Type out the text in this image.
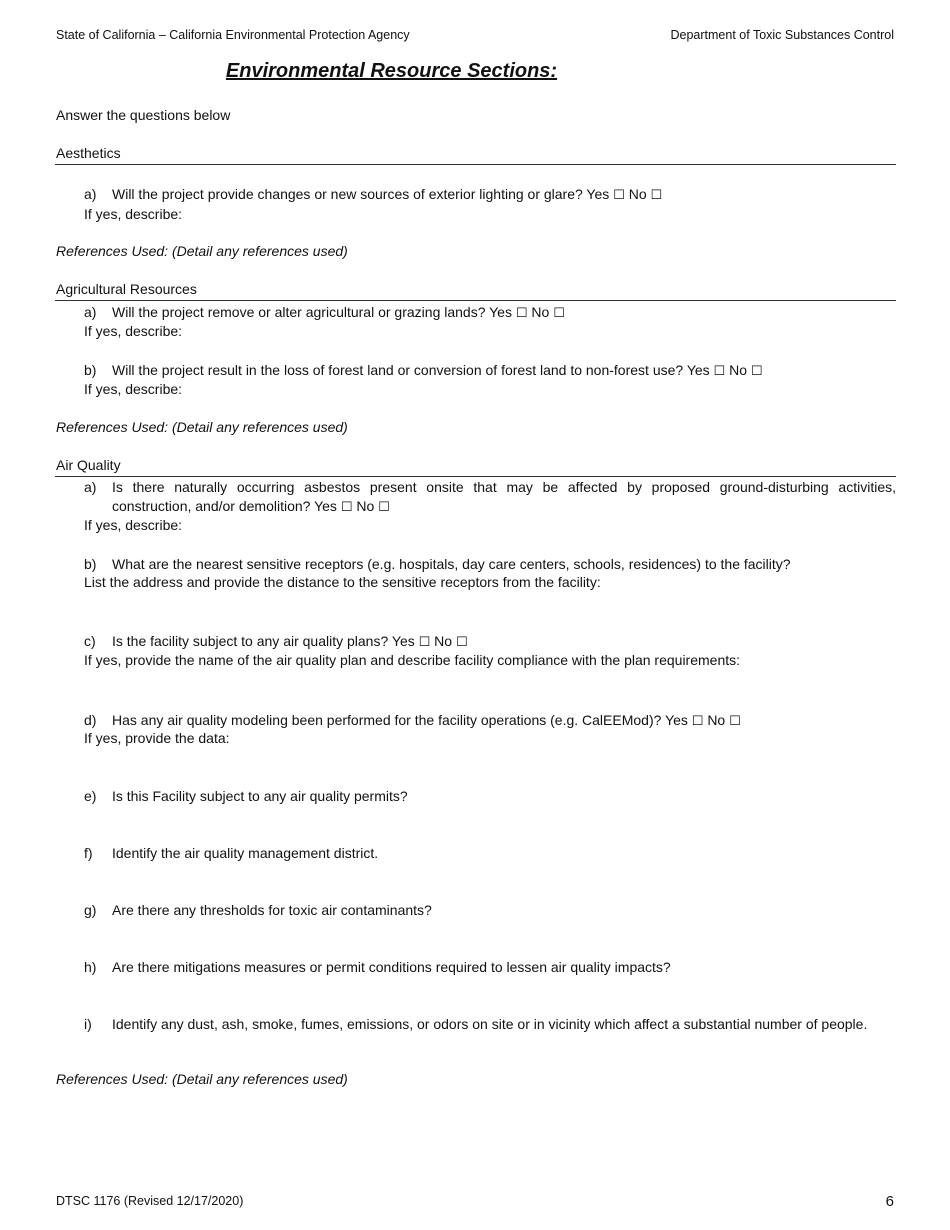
State of California – California Environmental Protection Agency	Department of Toxic Substances Control
Environmental Resource Sections:
Answer the questions below
Aesthetics
a) Will the project provide changes or new sources of exterior lighting or glare? Yes ☐ No ☐
If yes, describe:
References Used: (Detail any references used)
Agricultural Resources
a) Will the project remove or alter agricultural or grazing lands? Yes ☐ No ☐
If yes, describe:
b) Will the project result in the loss of forest land or conversion of forest land to non-forest use? Yes ☐ No ☐
If yes, describe:
References Used: (Detail any references used)
Air Quality
a) Is there naturally occurring asbestos present onsite that may be affected by proposed ground-disturbing activities, construction, and/or demolition? Yes ☐ No ☐
If yes, describe:
b) What are the nearest sensitive receptors (e.g. hospitals, day care centers, schools, residences) to the facility?
List the address and provide the distance to the sensitive receptors from the facility:
c) Is the facility subject to any air quality plans? Yes ☐ No ☐
If yes, provide the name of the air quality plan and describe facility compliance with the plan requirements:
d) Has any air quality modeling been performed for the facility operations (e.g. CalEEMod)? Yes ☐ No ☐
If yes, provide the data:
e) Is this Facility subject to any air quality permits?
f) Identify the air quality management district.
g) Are there any thresholds for toxic air contaminants?
h) Are there mitigations measures or permit conditions required to lessen air quality impacts?
i) Identify any dust, ash, smoke, fumes, emissions, or odors on site or in vicinity which affect a substantial number of people.
References Used: (Detail any references used)
DTSC 1176 (Revised 12/17/2020)	6
